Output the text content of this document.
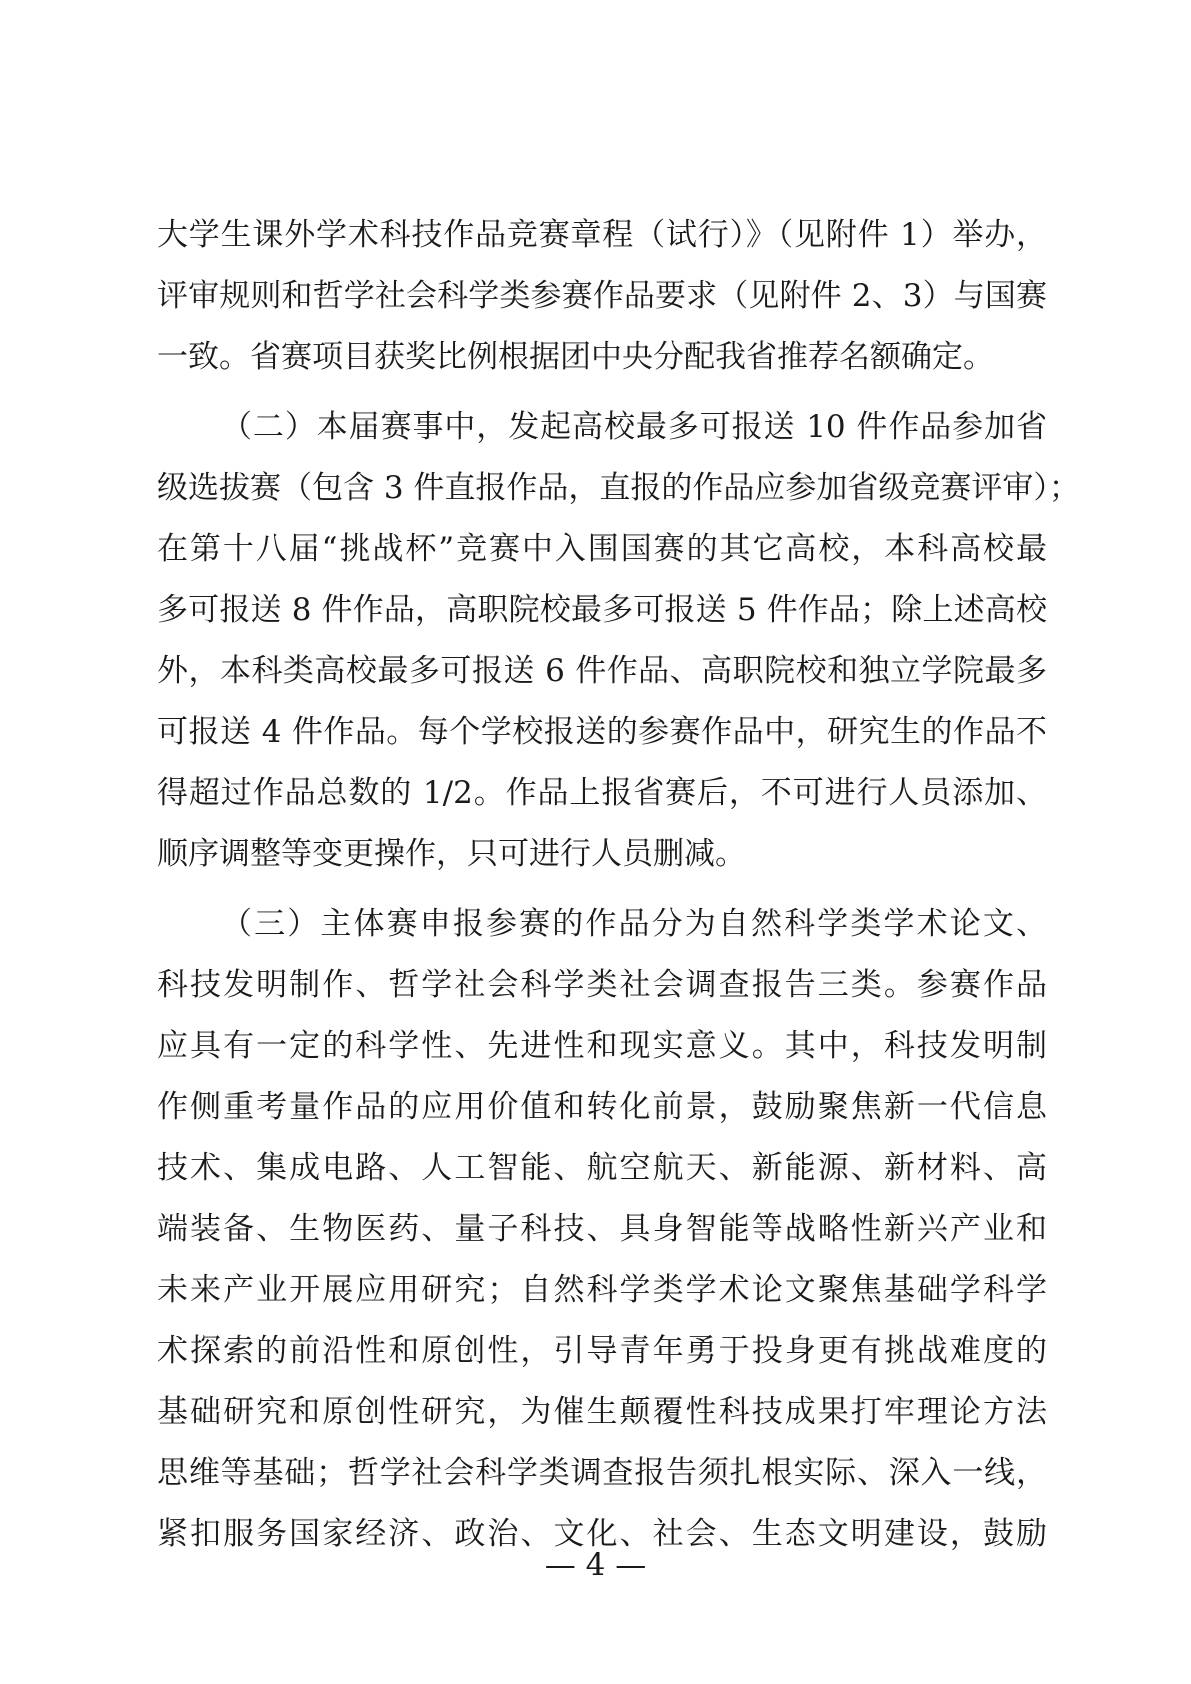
大学生课外学术科技作品竞赛章程（试行）》（见附件 1）举办，
评审规则和哲学社会科学类参赛作品要求（见附件 2、3）与国赛
一致。省赛项目获奖比例根据团中央分配我省推荐名额确定。
（二）本届赛事中，发起高校最多可报送 10 件作品参加省
级选拔赛（包含 3 件直报作品，直报的作品应参加省级竞赛评审）；
在第十八届“挑战杯”竞赛中入围国赛的其它高校，本科高校最
多可报送 8 件作品，高职院校最多可报送 5 件作品；除上述高校
外，本科类高校最多可报送 6 件作品、高职院校和独立学院最多
可报送 4 件作品。每个学校报送的参赛作品中，研究生的作品不
得超过作品总数的 1/2。作品上报省赛后，不可进行人员添加、
顺序调整等变更操作，只可进行人员删减。
（三）主体赛申报参赛的作品分为自然科学类学术论文、
科技发明制作、哲学社会科学类社会调查报告三类。参赛作品
应具有一定的科学性、先进性和现实意义。其中，科技发明制
作侧重考量作品的应用价值和转化前景，鼓励聚焦新一代信息
技术、集成电路、人工智能、航空航天、新能源、新材料、高
端装备、生物医药、量子科技、具身智能等战略性新兴产业和
未来产业开展应用研究；自然科学类学术论文聚焦基础学科学
术探索的前沿性和原创性，引导青年勇于投身更有挑战难度的
基础研究和原创性研究，为催生颠覆性科技成果打牢理论方法
思维等基础；哲学社会科学类调查报告须扎根实际、深入一线，
紧扣服务国家经济、政治、文化、社会、生态文明建设，鼓励
— 4 —
